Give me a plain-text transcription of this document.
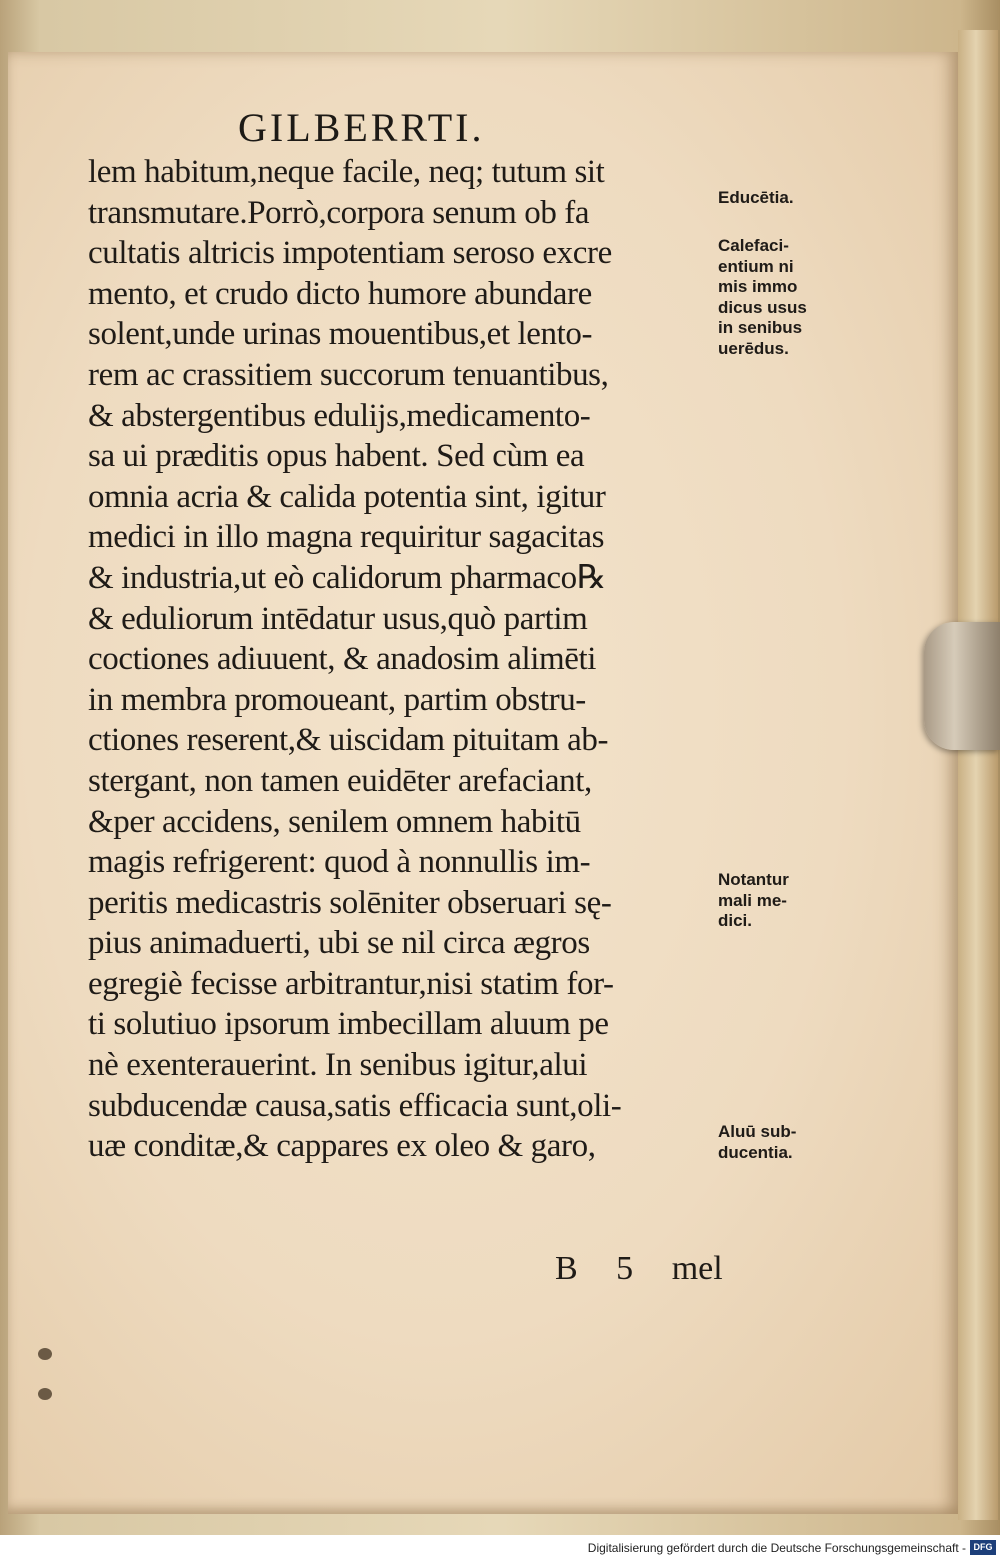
GILBERRTI.
lem habitum,neque facile, neq; tutum sit
transmutare.Porrò,corpora senum ob fa
cultatis altricis impotentiam seroso excre
mento, et crudo dicto humore abundare
solent,unde urinas mouentibus,et lento-
rem ac crassitiem succorum tenuantibus,
& abstergentibus edulijs,medicamento-
sa ui præditis opus habent. Sed cùm ea
omnia acria & calida potentia sint, igitur
medici in illo magna requiritur sagacitas
& industria,ut eò calidorum pharmaco℞
& eduliorum intēdatur usus,quò partim
coctiones adiuuent, & anadosim alimēti
in membra promoueant, partim obstru-
ctiones reserent,& uiscidam pituitam ab-
stergant, non tamen euidēter arefaciant,
&per accidens, senilem omnem habitū
magis refrigerent: quod à nonnullis im-
peritis medicastris solēniter obseruari sę-
pius animaduerti, ubi se nil circa ægros
egregiè fecisse arbitrantur,nisi statim for-
ti solutiuo ipsorum imbecillam aluum pe
nè exenterauerint. In senibus igitur,alui
subducendæ causa,satis efficacia sunt,oli-
uæ conditæ,& cappares ex oleo & garo,
Educētia.
Calefaci-
entium ni
mis immo
dicus usus
in senibus
uerēdus.
Notantur
mali me-
dici.
Aluū sub-
ducentia.
B 5 mel
Digitalisierung gefördert durch die Deutsche Forschungsgemeinschaft - DFG
